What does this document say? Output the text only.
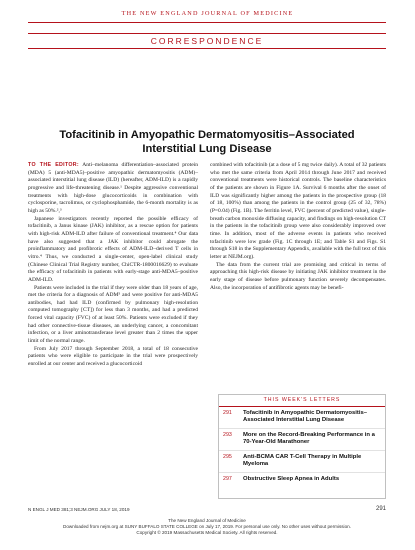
THE NEW ENGLAND JOURNAL OF MEDICINE
CORRESPONDENCE
Tofacitinib in Amyopathic Dermatomyositis–Associated
Interstitial Lung Disease

TO THE EDITOR: Anti–melanoma differentiation–associated protein (MDA) 5 (anti-MDA5)–positive amyopathic dermatomyositis (ADM)–associated interstitial lung disease (ILD) (hereafter, ADM-ILD) is a rapidly progressive and life-threatening disease.¹ Despite aggressive conventional treatments with high-dose glucocorticoids in combination with cyclosporine, tacrolimus, or cyclophosphamide, the 6-month mortality is as high as 50%.²,³

Japanese investigators recently reported the possible efficacy of tofacitinib, a Janus kinase (JAK) inhibitor, as a rescue option for patients with high-risk ADM-ILD after failure of conventional treatment.⁴ Our data have also suggested that a JAK inhibitor could abrogate the proinflammatory and profibrotic effects of ADM-ILD–derived T cells in vitro.⁴ Thus, we conducted a single-center, open-label clinical study (Chinese Clinical Trial Registry number, ChiCTR-1800016629) to evaluate the efficacy of tofacitinib in patients with early-stage anti-MDA5–positive ADM-ILD.

Patients were included in the trial if they were older than 18 years of age, met the criteria for a diagnosis of ADM⁵ and were positive for anti-MDA5 antibodies, had had ILD (confirmed by pulmonary high-resolution computed tomography [CT]) for less than 3 months, and had a predicted forced vital capacity (FVC) of at least 50%. Patients were excluded if they had other connective-tissue diseases, an underlying cancer, a concomitant infection, or a liver aminotransferase level greater than 2 times the upper limit of the normal range.

From July 2017 through September 2018, a total of 18 consecutive patients who were eligible to participate in the trial were prospectively enrolled at our center and received a glucocorticoid

combined with tofacitinib (at a dose of 5 mg twice daily). A total of 32 patients who met the same criteria from April 2014 through June 2017 and received conventional treatments were historical controls. The baseline characteristics of the patients are shown in Figure 1A. Survival 6 months after the onset of ILD was significantly higher among the patients in the prospective group (18 of 18, 100%) than among the patients in the control group (25 of 32, 78%) (P=0.04) (Fig. 1B). The ferritin level, FVC (percent of predicted value), single-breath carbon monoxide diffusing capacity, and findings on high-resolution CT in the patients in the tofacitinib group were also considerably improved over time. In addition, most of the adverse events in patients who received tofacitinib were low grade (Fig. 1C through 1E; and Table S1 and Figs. S1 through S18 in the Supplementary Appendix, available with the full text of this letter at NEJM.org).

The data from the current trial are promising and critical in terms of approaching this high-risk disease by initiating JAK inhibitor treatment in the early stage of disease before pulmonary function severely decompensates. Also, the incorporation of antifibrotic agents may be benefi-

THIS WEEK'S LETTERS
291	Tofacitinib in Amyopathic Dermatomyositis–Associated Interstitial Lung Disease
293	More on the Record-Breaking Performance in a 70-Year-Old Marathoner
295	Anti-BCMA CAR T-Cell Therapy in Multiple Myeloma
297	Obstructive Sleep Apnea in Adults
N ENGL J MED 381;3 NEJM.ORG JULY 18, 2019	291
The New England Journal of Medicine
Downloaded from nejm.org at SUNY BUFFALO STATE COLLEGE on July 17, 2019. For personal use only. No other uses without permission.
Copyright © 2019 Massachusetts Medical Society. All rights reserved.
